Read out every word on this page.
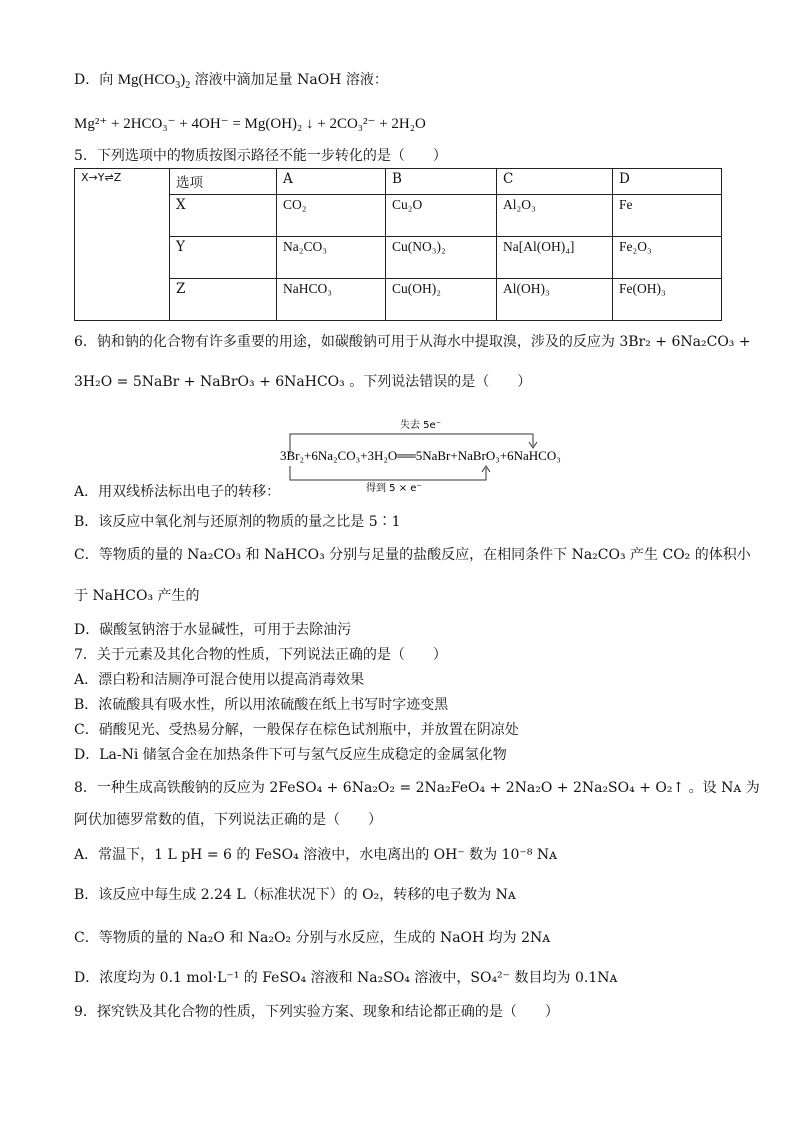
D．向 $Mg(HCO_3)_2$ 溶液中滴加足量 NaOH 溶液：
Mg²⁺ + 2HCO₃⁻ + 4OH⁻ = Mg(OH)₂ ↓ + 2CO₃²⁻ + 2H₂O
5．下列选项中的物质按图示路径不能一步转化的是（　　）
X→Y⇌Z	选项	A	B	C	D
	X	CO₂	Cu₂O	Al₂O₃	Fe
	Y	Na₂CO₃	Cu(NO₃)₂	Na[Al(OH)₄]	Fe₂O₃
	Z	NaHCO₃	Cu(OH)₂	Al(OH)₃	Fe(OH)₃
6．钠和钠的化合物有许多重要的用途，如碳酸钠可用于从海水中提取溴，涉及的反应为 3Br₂ + 6Na₂CO₃ +
3H₂O = 5NaBr + NaBrO₃ + 6NaHCO₃ 。下列说法错误的是（　　）
失去 5e⁻
3Br₂+6Na₂CO₃+3H₂O══5NaBr+NaBrO₃+6NaHCO₃
得到 5 × e⁻
A．用双线桥法标出电子的转移：
B．该反应中氧化剂与还原剂的物质的量之比是 5∶1
C．等物质的量的 Na₂CO₃ 和 NaHCO₃ 分别与足量的盐酸反应，在相同条件下 Na₂CO₃ 产生 CO₂ 的体积小
于 NaHCO₃ 产生的
D．碳酸氢钠溶于水显碱性，可用于去除油污
7．关于元素及其化合物的性质，下列说法正确的是（　　）
A．漂白粉和洁厕净可混合使用以提高消毒效果
B．浓硫酸具有吸水性，所以用浓硫酸在纸上书写时字迹变黑
C．硝酸见光、受热易分解，一般保存在棕色试剂瓶中，并放置在阴凉处
D．La-Ni 储氢合金在加热条件下可与氢气反应生成稳定的金属氢化物
8．一种生成高铁酸钠的反应为 2FeSO₄ + 6Na₂O₂ = 2Na₂FeO₄ + 2Na₂O + 2Na₂SO₄ + O₂↑ 。设 Nᴀ 为
阿伏加德罗常数的值，下列说法正确的是（　　）
A．常温下，1 L pH = 6 的 FeSO₄ 溶液中，水电离出的 OH⁻ 数为 10⁻⁸ Nᴀ
B．该反应中每生成 2.24 L（标准状况下）的 O₂，转移的电子数为 Nᴀ
C．等物质的量的 Na₂O 和 Na₂O₂ 分别与水反应，生成的 NaOH 均为 2Nᴀ
D．浓度均为 0.1 mol·L⁻¹ 的 FeSO₄ 溶液和 Na₂SO₄ 溶液中，SO₄²⁻ 数目均为 0.1Nᴀ
9．探究铁及其化合物的性质，下列实验方案、现象和结论都正确的是（　　）
